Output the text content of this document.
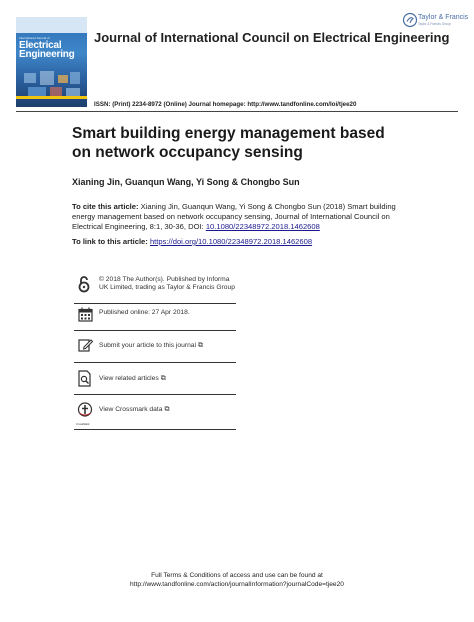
International Journal of
Electrical
Engineering
Journal of International Council on Electrical Engineering
Taylor & Francis
Taylor & Francis Group
ISSN: (Print) 2234-8972 (Online) Journal homepage: http://www.tandfonline.com/loi/tjee20
Smart building energy management based on network occupancy sensing
Xianing Jin, Guanqun Wang, Yi Song & Chongbo Sun
To cite this article: Xianing Jin, Guanqun Wang, Yi Song & Chongbo Sun (2018) Smart building energy management based on network occupancy sensing, Journal of International Council on Electrical Engineering, 8:1, 30-36, DOI: 10.1080/22348972.2018.1462608
To link to this article: https://doi.org/10.1080/22348972.2018.1462608
© 2018 The Author(s). Published by Informa UK Limited, trading as Taylor & Francis Group
Published online: 27 Apr 2018.
Submit your article to this journal ⧉
View related articles ⧉
CrossMark
View Crossmark data ⧉
Full Terms & Conditions of access and use can be found at
http://www.tandfonline.com/action/journalInformation?journalCode=tjee20
